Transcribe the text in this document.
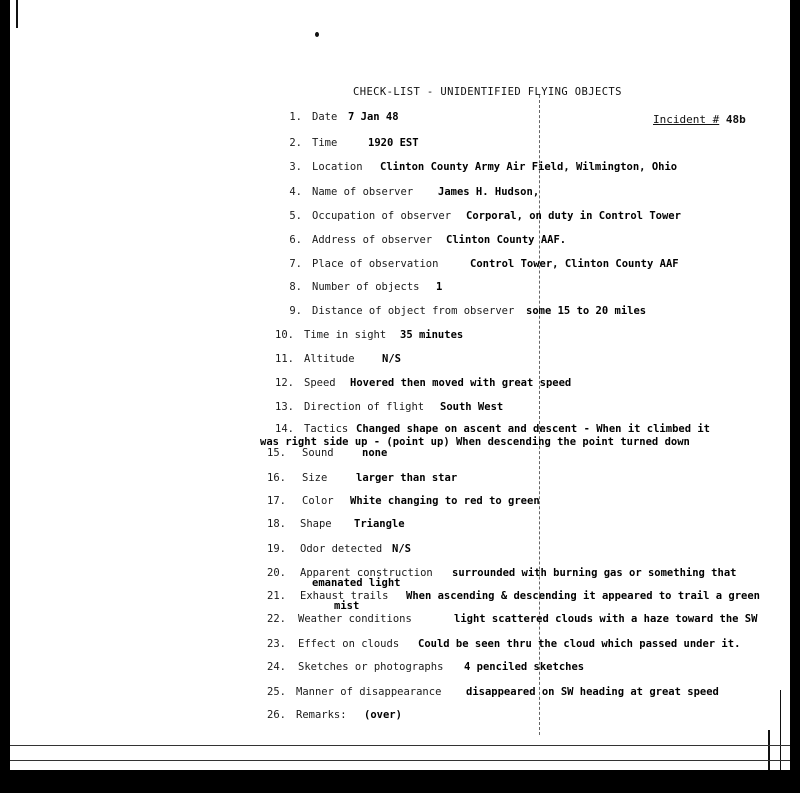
CHECK-LIST - UNIDENTIFIED FLYING OBJECTS
Incident # 48b
1. Date 7 Jan 48
2. Time	1920 EST
3. Location Clinton County Army Air Field, Wilmington, Ohio
4. Name of observer James H. Hudson,
5. Occupation of observer Corporal, on duty in Control Tower
6. Address of observer Clinton County AAF.
7. Place of observation	Control Tower, Clinton County AAF
8. Number of objects 1
9. Distance of object from observer some 15 to 20 miles
10. Time in sight 35 minutes
11. Altitude	N/S
12. Speed Hovered then moved with great speed
13. Direction of flight South West
14. Tactics Changed shape on ascent and descent - When it climbed it
was right side up - (point up) When descending the point turned down
15. Sound	none
16. Size	larger than star
17. Color White changing to red to green
18. Shape Triangle
19. Odor detected N/S
20. Apparent construction surrounded with burning gas or something that
emanated light
21. Exhaust trails When ascending & descending it appeared to trail a green
mist
22. Weather conditions	light scattered clouds with a haze toward the SW
23. Effect on clouds Could be seen thru the cloud which passed under it.
24. Sketches or photographs 4 penciled sketches
25. Manner of disappearance disappeared on SW heading at great speed
26. Remarks: (over)
